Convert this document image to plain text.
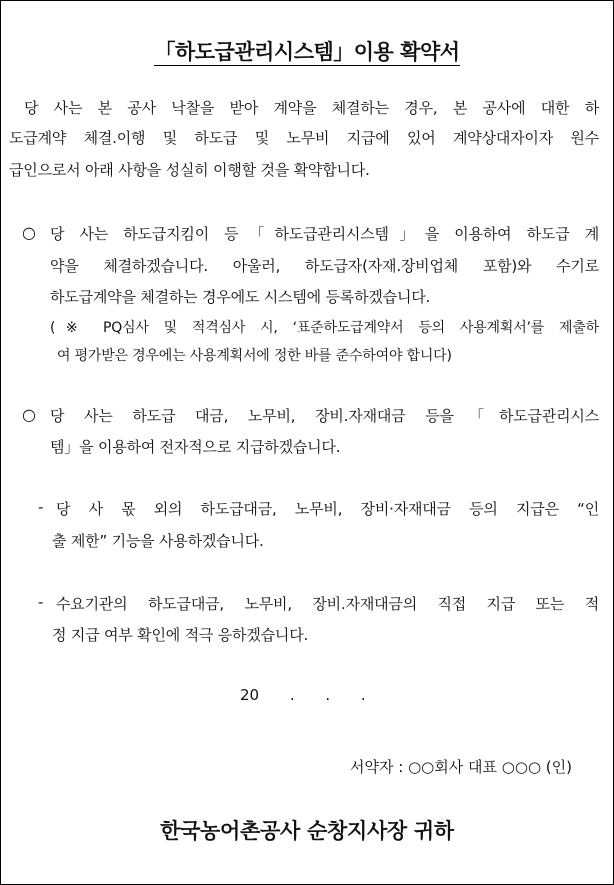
「하도급관리시스템」이용 확약서
당 사는 본 공사 낙찰을 받아 계약을 체결하는 경우, 본 공사에 대한 하
도급계약 체결.이행 및 하도급 및 노무비 지급에 있어 계약상대자이자 원수
급인으로서 아래 사항을 성실히 이행할 것을 확약합니다.
○ 당 사는 하도급지킴이 등「하도급관리시스템」을 이용하여 하도급 계
약을 체결하겠습니다. 아울러, 하도급자(자재.장비업체 포함)와 수기로
하도급계약을 체결하는 경우에도 시스템에 등록하겠습니다.
(※ PQ심사 및 적격심사 시, ‘표준하도급계약서 등의 사용계획서’를 제출하
여 평가받은 경우에는 사용계획서에 정한 바를 준수하여야 합니다)
○ 당 사는 하도급 대금, 노무비, 장비.자재대금 등을「하도급관리시스
템」을 이용하여 전자적으로 지급하겠습니다.
- 당 사 몫 외의 하도급대금, 노무비, 장비·자재대금 등의 지급은 “인
출 제한” 기능을 사용하겠습니다.
- 수요기관의 하도급대금, 노무비, 장비.자재대금의 직접 지급 또는 적
정 지급 여부 확인에 적극 응하겠습니다.
20 . . .
서약자 : ○○회사 대표 ○○○ (인)
한국농어촌공사 순창지사장 귀하
